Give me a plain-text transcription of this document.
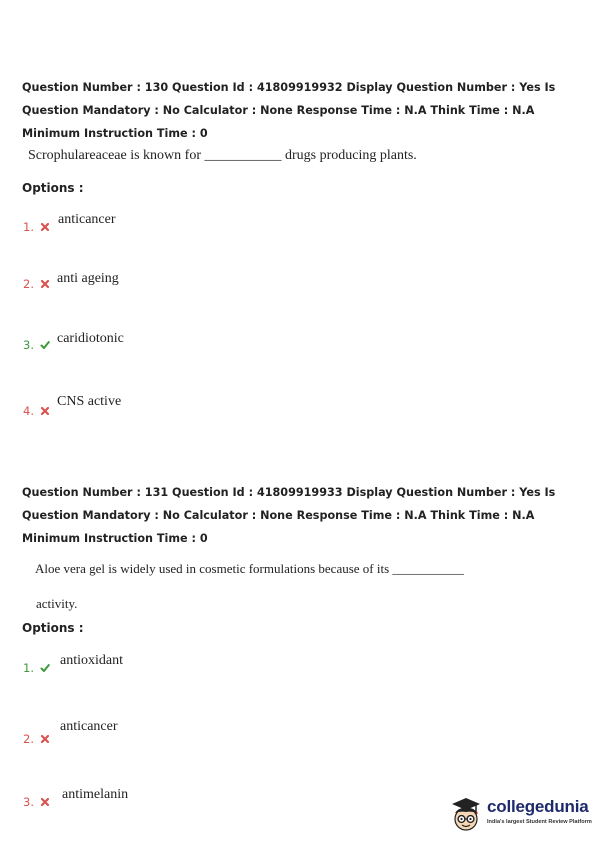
Question Number : 130 Question Id : 41809919932 Display Question Number : Yes Is Question Mandatory : No Calculator : None Response Time : N.A Think Time : N.A Minimum Instruction Time : 0
Scrophulareaceae is known for ___________ drugs producing plants.
Options :
1. anticancer
2. anti ageing
3. caridiotonic
4.
CNS active
Question Number : 131 Question Id : 41809919933 Display Question Number : Yes Is Question Mandatory : No Calculator : None Response Time : N.A Think Time : N.A Minimum Instruction Time : 0
Aloe vera gel is widely used in cosmetic formulations because of its ___________
activity.
Options :
1. antioxidant
2.
anticancer
3. antimelanin
collegedunia
India's largest Student Review Platform
